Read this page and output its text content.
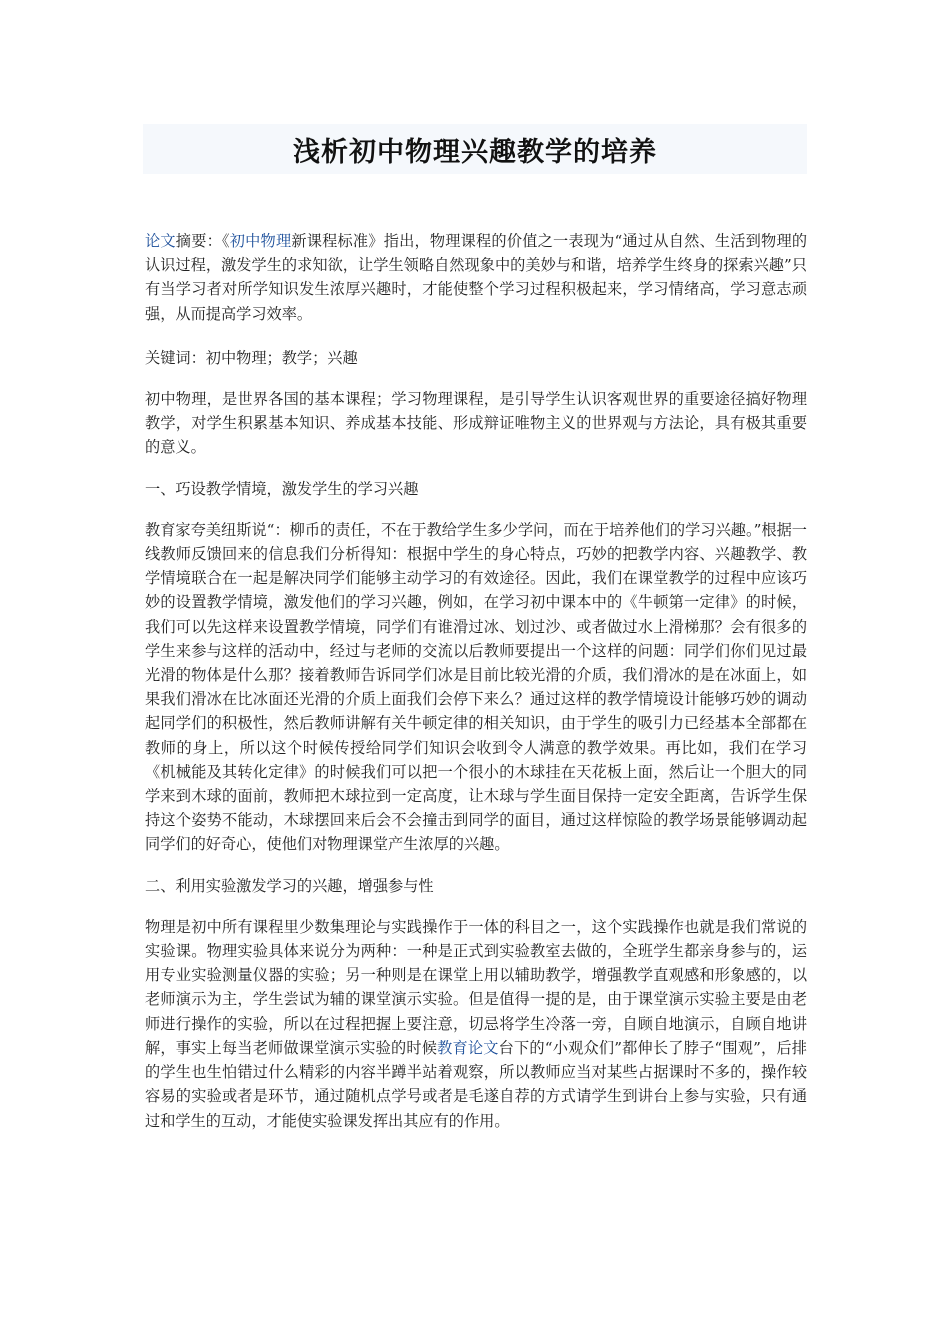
浅析初中物理兴趣教学的培养

论文摘要：《初中物理新课程标准》指出，物理课程的价值之一表现为“通过从自然、生活到物理的认识过程，激发学生的求知欲，让学生领略自然现象中的美妙与和谐，培养学生终身的探索兴趣”只有当学习者对所学知识发生浓厚兴趣时，才能使整个学习过程积极起来，学习情绪高，学习意志顽强，从而提高学习效率。

关键词：初中物理；教学；兴趣

初中物理，是世界各国的基本课程；学习物理课程，是引导学生认识客观世界的重要途径搞好物理教学，对学生积累基本知识、养成基本技能、形成辩证唯物主义的世界观与方法论，具有极其重要的意义。

一、巧设教学情境，激发学生的学习兴趣

教育家夸美纽斯说“：柳币的责任，不在于教给学生多少学问，而在于培养他们的学习兴趣。”根据一线教师反馈回来的信息我们分析得知：根据中学生的身心特点，巧妙的把教学内容、兴趣教学、教学情境联合在一起是解决同学们能够主动学习的有效途径。因此，我们在课堂教学的过程中应该巧妙的设置教学情境，激发他们的学习兴趣，例如，在学习初中课本中的《牛顿第一定律》的时候，我们可以先这样来设置教学情境，同学们有谁滑过冰、划过沙、或者做过水上滑梯那？会有很多的学生来参与这样的活动中，经过与老师的交流以后教师要提出一个这样的问题：同学们你们见过最光滑的物体是什么那？接着教师告诉同学们冰是目前比较光滑的介质，我们滑冰的是在冰面上，如果我们滑冰在比冰面还光滑的介质上面我们会停下来么？通过这样的教学情境设计能够巧妙的调动起同学们的积极性，然后教师讲解有关牛顿定律的相关知识，由于学生的吸引力已经基本全部都在教师的身上，所以这个时候传授给同学们知识会收到令人满意的教学效果。再比如，我们在学习《机械能及其转化定律》的时候我们可以把一个很小的木球挂在天花板上面，然后让一个胆大的同学来到木球的面前，教师把木球拉到一定高度，让木球与学生面目保持一定安全距离，告诉学生保持这个姿势不能动，木球摆回来后会不会撞击到同学的面目，通过这样惊险的教学场景能够调动起同学们的好奇心，使他们对物理课堂产生浓厚的兴趣。

二、利用实验激发学习的兴趣，增强参与性

物理是初中所有课程里少数集理论与实践操作于一体的科目之一，这个实践操作也就是我们常说的实验课。物理实验具体来说分为两种：一种是正式到实验教室去做的，全班学生都亲身参与的，运用专业实验测量仪器的实验；另一种则是在课堂上用以辅助教学，增强教学直观感和形象感的，以老师演示为主，学生尝试为辅的课堂演示实验。但是值得一提的是，由于课堂演示实验主要是由老师进行操作的实验，所以在过程把握上要注意，切忌将学生冷落一旁，自顾自地演示，自顾自地讲解，事实上每当老师做课堂演示实验的时候教育论文台下的“小观众们”都伸长了脖子“围观”，后排的学生也生怕错过什么精彩的内容半蹲半站着观察，所以教师应当对某些占据课时不多的，操作较容易的实验或者是环节，通过随机点学号或者是毛遂自荐的方式请学生到讲台上参与实验，只有通过和学生的互动，才能使实验课发挥出其应有的作用。
